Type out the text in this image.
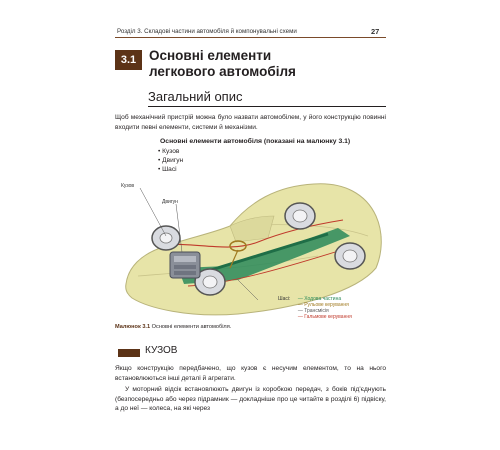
Розділ 3. Складові частини автомобіля й компонувальні схеми	27
3.1 Основні елементи
легкового автомобіля
Загальний опис
Щоб механічний пристрій можна було назвати автомобілем, у його конструкцію повинні входити певні елементи, системи й механізми.
Основні елементи автомобіля (показані на малюнку 3.1)
• Кузов
• Двигун
• Шасі
Кузов
Двигун
Шасі: — Ходова частина
— Рульове керування
— Трансмісія
— Гальмове керування
Малюнок 3.1 Основні елементи автомобіля.
КУЗОВ
Якщо конструкцію передбачено, що кузов є несучим елементом, то на нього встановлюються інші деталі й агрегати.
У моторний відсік встановлюють двигун із коробкою передач, з боків під'єднують (безпосередньо або через підрамник — докладніше про це читайте в розділі 6) підвіску, а до неї — колеса, на які через
